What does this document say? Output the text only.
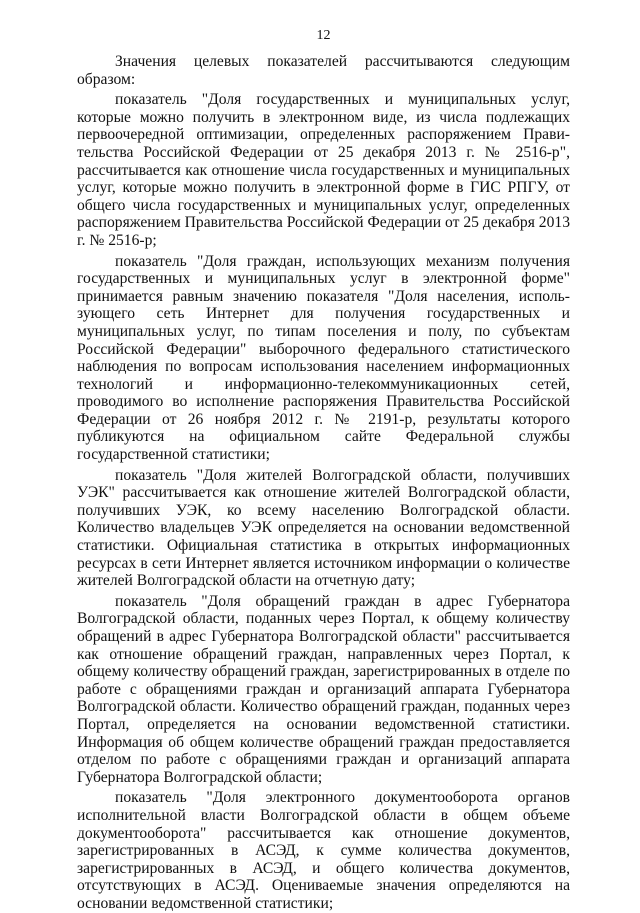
12

Значения целевых показателей рассчитываются следующим образом:

показатель "Доля государственных и муниципальных услуг, которые можно получить в электронном виде, из числа подлежащих первоочередной оптимизации, определенных распоряжением Правительства Российской Федерации от 25 декабря 2013 г. № 2516-р", рассчитывается как отношение числа государственных и муниципальных услуг, которые можно получить в электронной форме в ГИС РПГУ, от общего числа государственных и муниципальных услуг, определенных распоряжением Правительства Российской Федерации от 25 декабря 2013 г. № 2516-р;

показатель "Доля граждан, использующих механизм получения государственных и муниципальных услуг в электронной форме" принимается равным значению показателя "Доля населения, использующего сеть Интернет для получения государственных и муниципальных услуг, по типам поселения и полу, по субъектам Российской Федерации" выборочного федерального статистического наблюдения по вопросам использования населением информационных технологий и информационно-телекоммуникационных сетей, проводимого во исполнение распоряжения Правительства Российской Федерации от 26 ноября 2012 г. № 2191-р, результаты которого публикуются на официальном сайте Федеральной службы государственной статистики;

показатель "Доля жителей Волгоградской области, получивших УЭК" рассчитывается как отношение жителей Волгоградской области, получивших УЭК, ко всему населению Волгоградской области. Количество владельцев УЭК определяется на основании ведомственной статистики. Официальная статистика в открытых информационных ресурсах в сети Интернет является источником информации о количестве жителей Волгоградской области на отчетную дату;

показатель "Доля обращений граждан в адрес Губернатора Волгоградской области, поданных через Портал, к общему количеству обращений в адрес Губернатора Волгоградской области" рассчитывается как отношение обращений граждан, направленных через Портал, к общему количеству обращений граждан, зарегистрированных в отделе по работе с обращениями граждан и организаций аппарата Губернатора Волгоградской области. Количество обращений граждан, поданных через Портал, определяется на основании ведомственной статистики. Информация об общем количестве обращений граждан предоставляется отделом по работе с обращениями граждан и организаций аппарата Губернатора Волгоградской области;

показатель "Доля электронного документооборота органов исполнительной власти Волгоградской области в общем объеме документооборота" рассчитывается как отношение документов, зарегистрированных в АСЭД, к сумме количества документов, зарегистрированных в АСЭД, и общего количества документов, отсутствующих в АСЭД. Оцениваемые значения определяются на основании ведомственной статистики;
